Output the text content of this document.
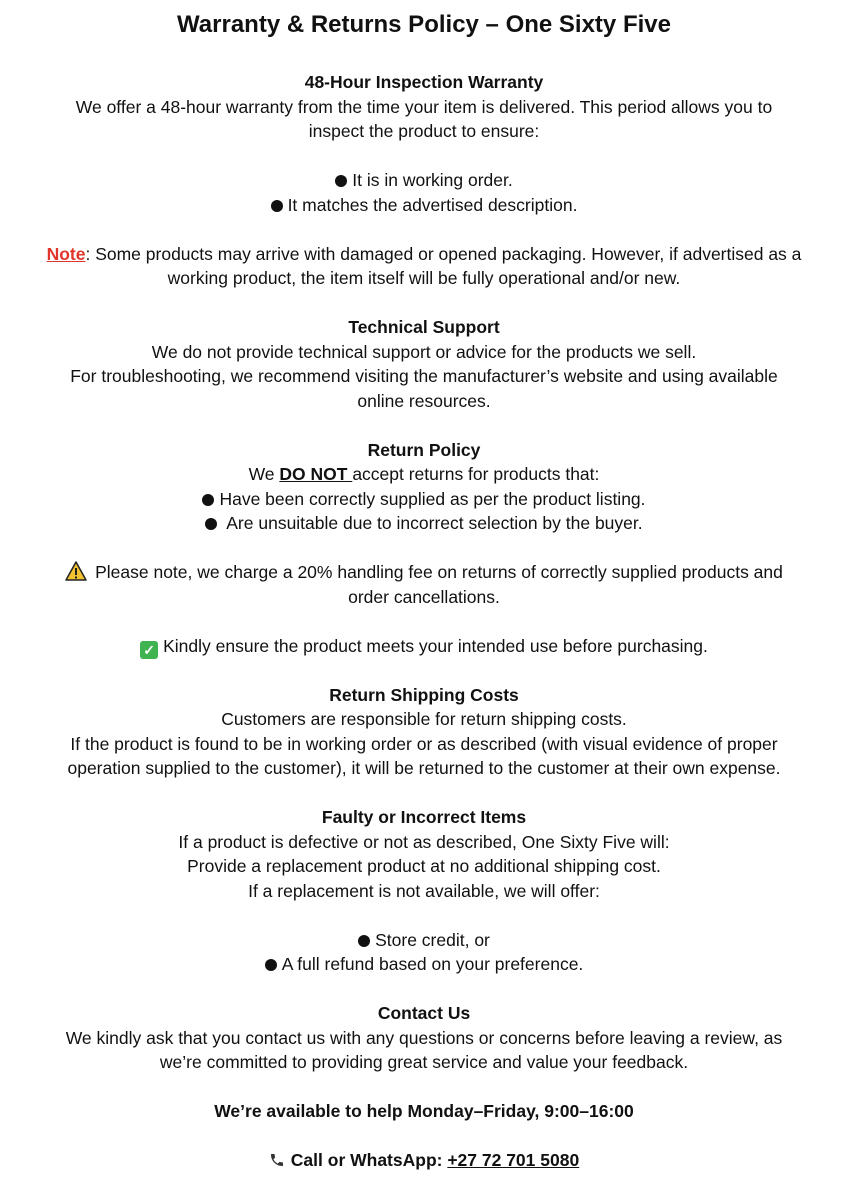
Warranty & Returns Policy – One Sixty Five
48-Hour Inspection Warranty
We offer a 48-hour warranty from the time your item is delivered. This period allows you to
inspect the product to ensure:
It is in working order.
It matches the advertised description.
Note: Some products may arrive with damaged or opened packaging. However, if advertised as a
working product, the item itself will be fully operational and/or new.
Technical Support
We do not provide technical support or advice for the products we sell.
For troubleshooting, we recommend visiting the manufacturer’s website and using available
online resources.
Return Policy
We DO NOT accept returns for products that:
Have been correctly supplied as per the product listing.
Are unsuitable due to incorrect selection by the buyer.
Please note, we charge a 20% handling fee on returns of correctly supplied products and
order cancellations.
✓ Kindly ensure the product meets your intended use before purchasing.
Return Shipping Costs
Customers are responsible for return shipping costs.
If the product is found to be in working order or as described (with visual evidence of proper
operation supplied to the customer), it will be returned to the customer at their own expense.
Faulty or Incorrect Items
If a product is defective or not as described, One Sixty Five will:
Provide a replacement product at no additional shipping cost.
If a replacement is not available, we will offer:
Store credit, or
A full refund based on your preference.
Contact Us
We kindly ask that you contact us with any questions or concerns before leaving a review, as
we’re committed to providing great service and value your feedback.
We’re available to help Monday–Friday, 9:00–16:00
Call or WhatsApp: +27 72 701 5080
